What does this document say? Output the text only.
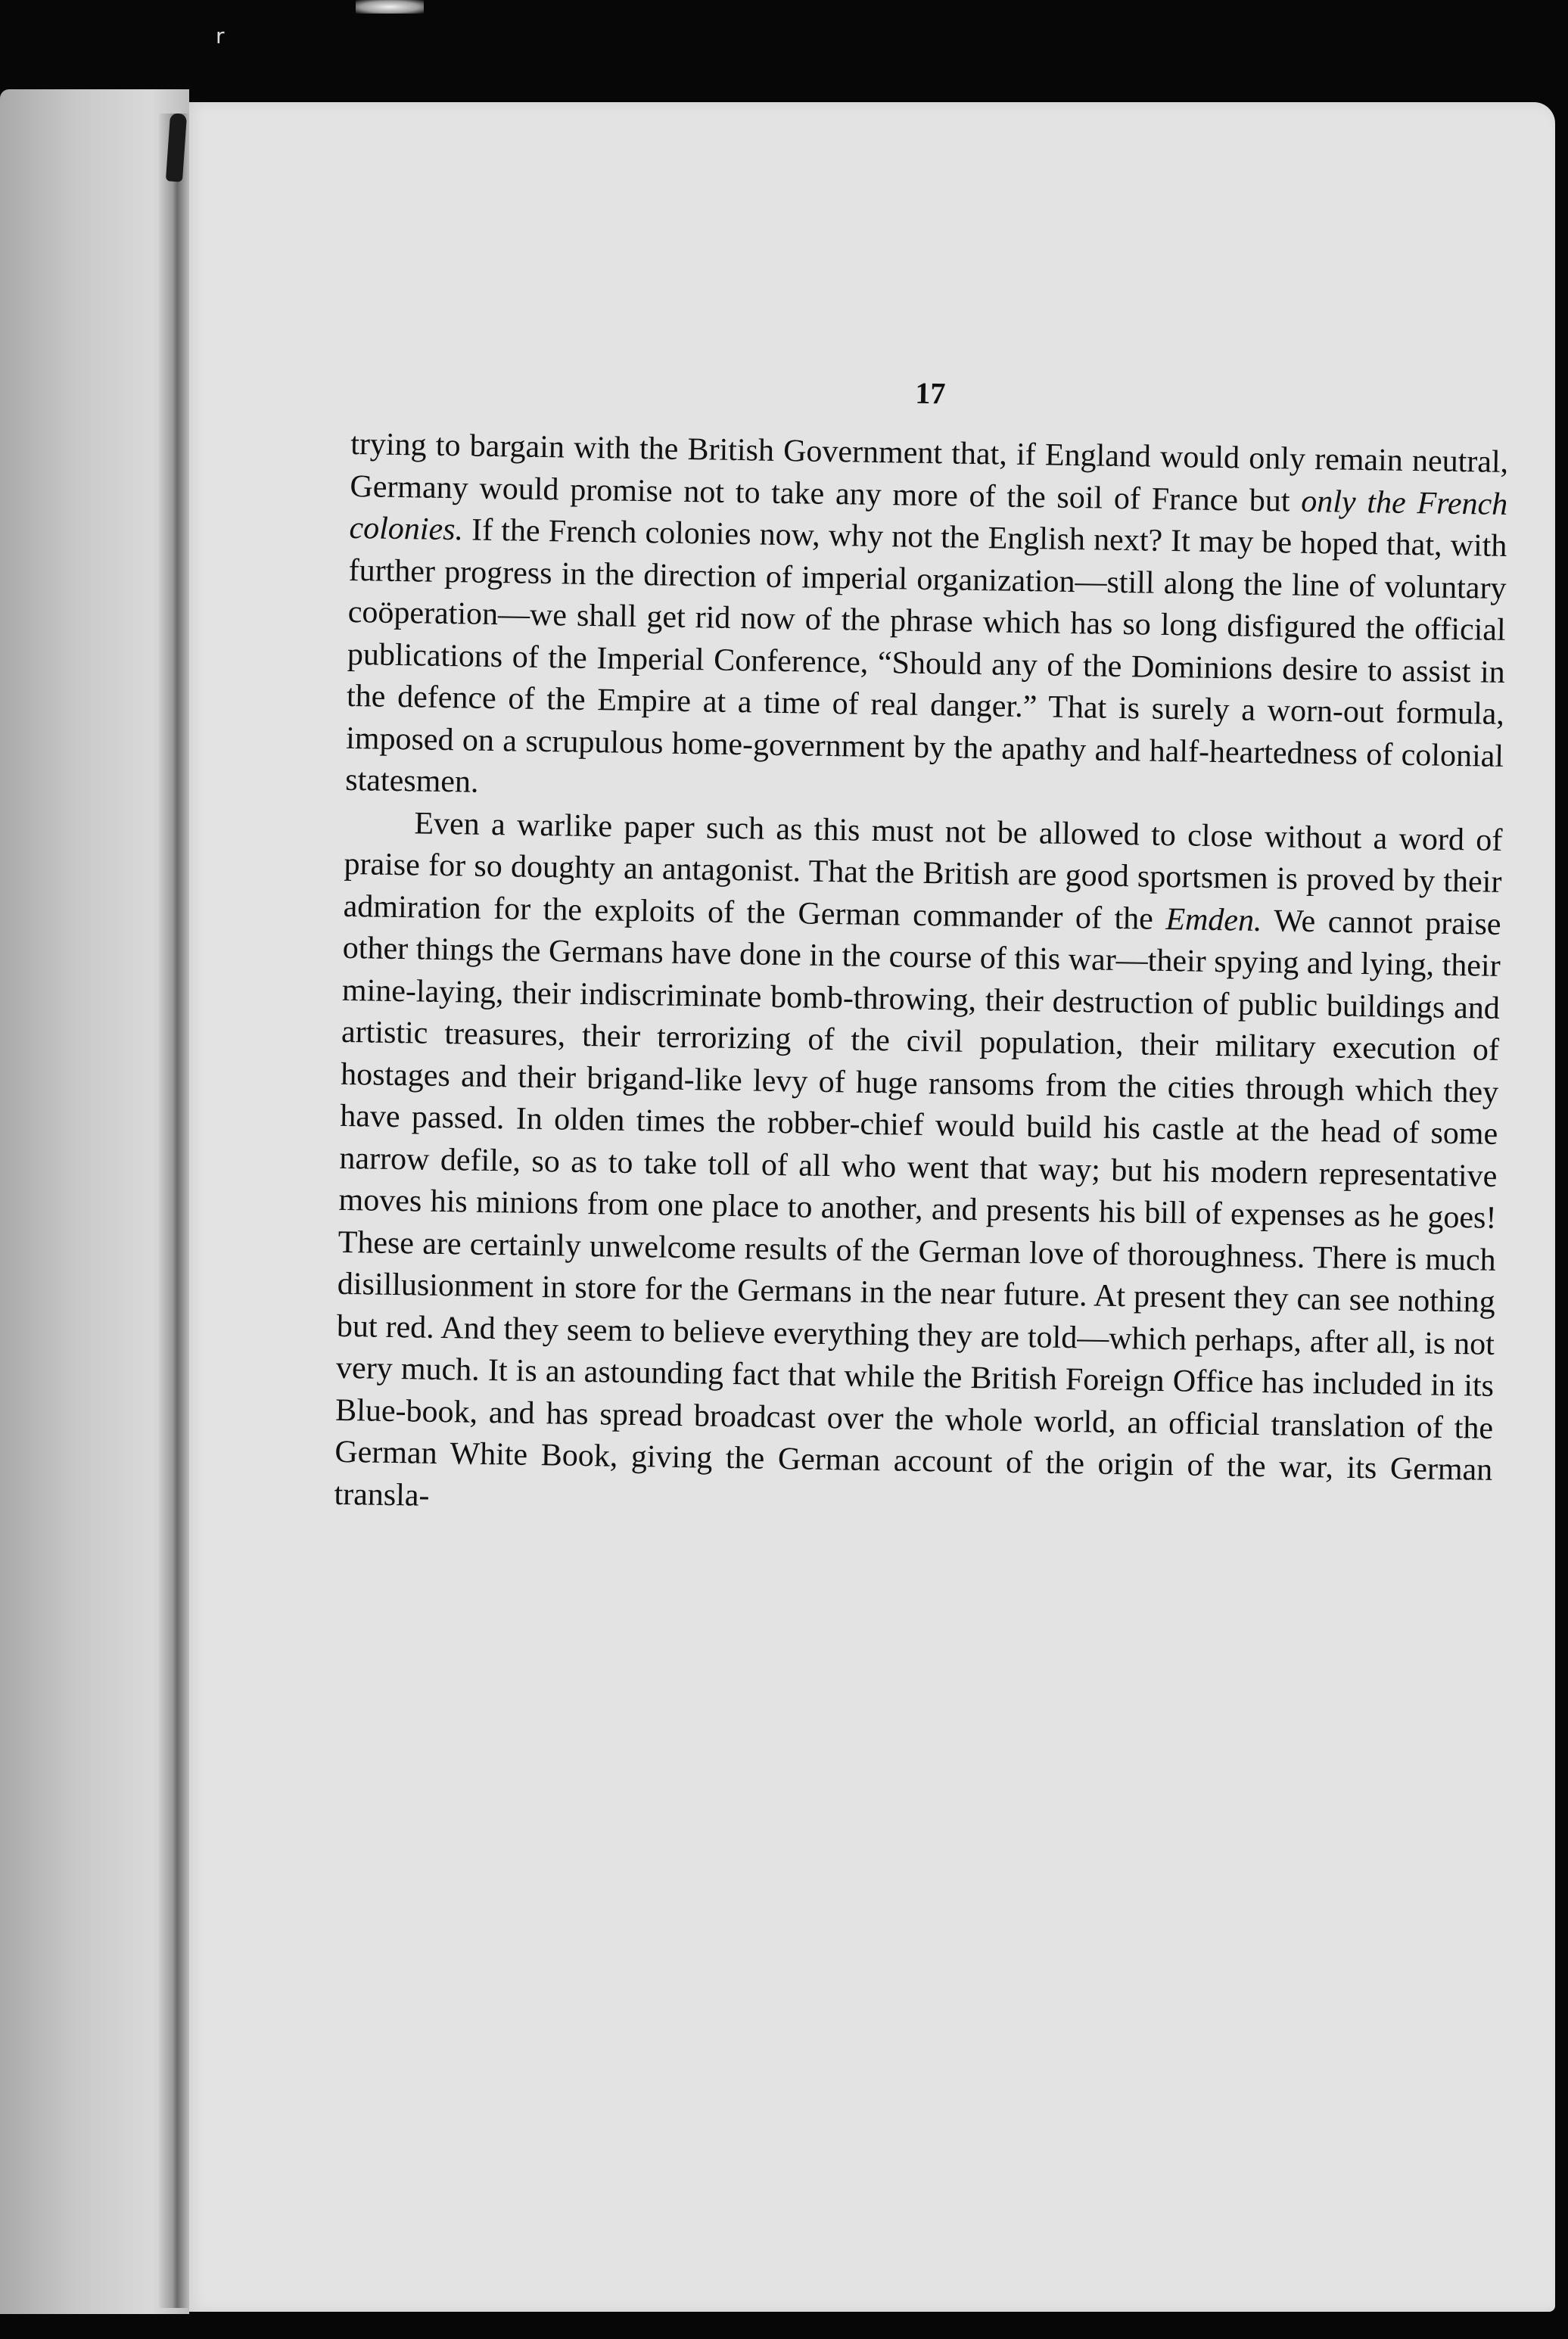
r
17

trying to bargain with the British Government that, if England would only remain neutral, Germany would promise not to take any more of the soil of France but only the French colonies. If the French colonies now, why not the English next? It may be hoped that, with further progress in the direction of imperial organization—still along the line of voluntary coöperation—we shall get rid now of the phrase which has so long disfigured the official publications of the Imperial Conference, “Should any of the Dominions desire to assist in the defence of the Empire at a time of real danger.” That is surely a worn-out formula, imposed on a scrupulous home-government by the apathy and half-heartedness of colonial statesmen.

Even a warlike paper such as this must not be allowed to close without a word of praise for so doughty an antagonist. That the British are good sportsmen is proved by their admiration for the exploits of the German commander of the Emden. We cannot praise other things the Germans have done in the course of this war—their spying and lying, their mine-laying, their indiscriminate bomb-throwing, their destruction of public buildings and artistic treasures, their terrorizing of the civil population, their military execution of hostages and their brigand-like levy of huge ransoms from the cities through which they have passed. In olden times the robber-chief would build his castle at the head of some narrow defile, so as to take toll of all who went that way; but his modern representative moves his minions from one place to another, and presents his bill of expenses as he goes! These are certainly unwelcome results of the German love of thoroughness. There is much disillusionment in store for the Germans in the near future. At present they can see nothing but red. And they seem to believe everything they are told—which perhaps, after all, is not very much. It is an astounding fact that while the British Foreign Office has included in its Blue-book, and has spread broadcast over the whole world, an official translation of the German White Book, giving the German account of the origin of the war, its German transla-
